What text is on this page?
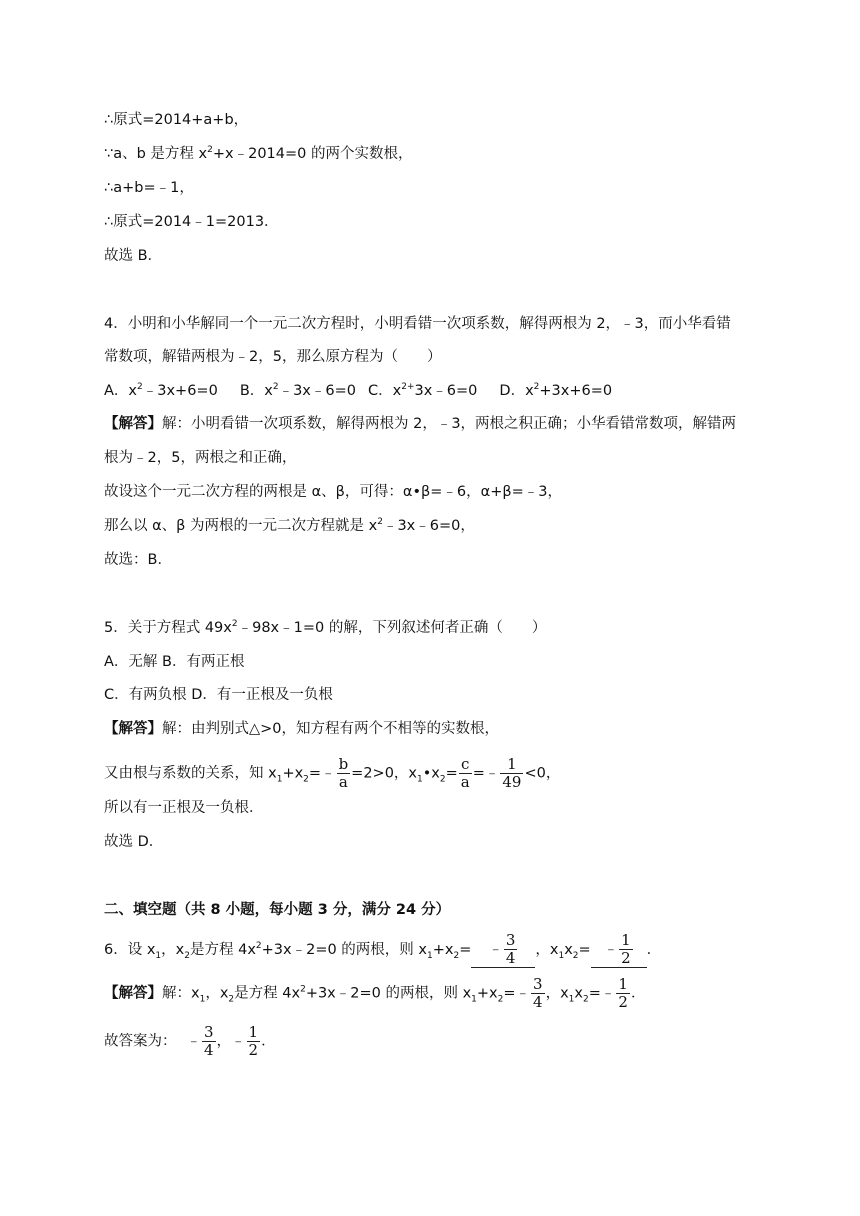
∴原式=2014+a+b，
∵a、b 是方程 $x^2+x﹣2014=0$ 的两个实数根，
∴a+b=﹣1，
∴原式=2014﹣1=2013．
故选 B．
4．小明和小华解同一个一元二次方程时，小明看错一次项系数，解得两根为 2，﹣3，而小华看错
常数项，解错两根为﹣2，5，那么原方程为（　　）
A．$x^2﹣3x+6=0$ B．$x^2﹣3x﹣6=0$ C．$x^{2+}3x﹣6=0$ D．$x^2+3x+6=0$
【解答】解：小明看错一次项系数，解得两根为 2，﹣3，两根之积正确；小华看错常数项，解错两
根为﹣2，5，两根之和正确，
故设这个一元二次方程的两根是 α、β，可得：α•β=﹣6，α+β=﹣3，
那么以 α、β 为两根的一元二次方程就是 $x^2﹣3x﹣6=0$，
故选：B．
5．关于方程式 $49x^2﹣98x﹣1=0$ 的解，下列叙述何者正确（　　）
A．无解 B．有两正根
C．有两负根 D．有一正根及一负根
【解答】解：由判别式△>0，知方程有两个不相等的实数根，
又由根与系数的关系，知 $x_1+x_2=﹣ \frac{b}{a} =2>0$，$x_1•x_2= \frac{c}{a}$ =﹣ $\frac{1}{49} <0$，
所以有一正根及一负根．
故选 D．
二、填空题（共 8 小题，每小题 3 分，满分 24 分）
6．设 $x_1$，$x_2$是方程 $4x^2+3x﹣2=0$ 的两根，则 $x_1+x_2=$ ﹣ $\frac{3}{4}$ ，$x_1x_2=$ ﹣ $\frac{1}{2}$ ．
【解答】解：$x_1$，$x_2$是方程 $4x^2+3x﹣2=0$ 的两根，则 $x_1+x_2=﹣ \frac{3}{4}$ ，$x_1x_2=﹣ \frac{1}{2}$ ．
故答案为： ﹣ $\frac{3}{4}$ ，﹣ $\frac{1}{2}$ ．
